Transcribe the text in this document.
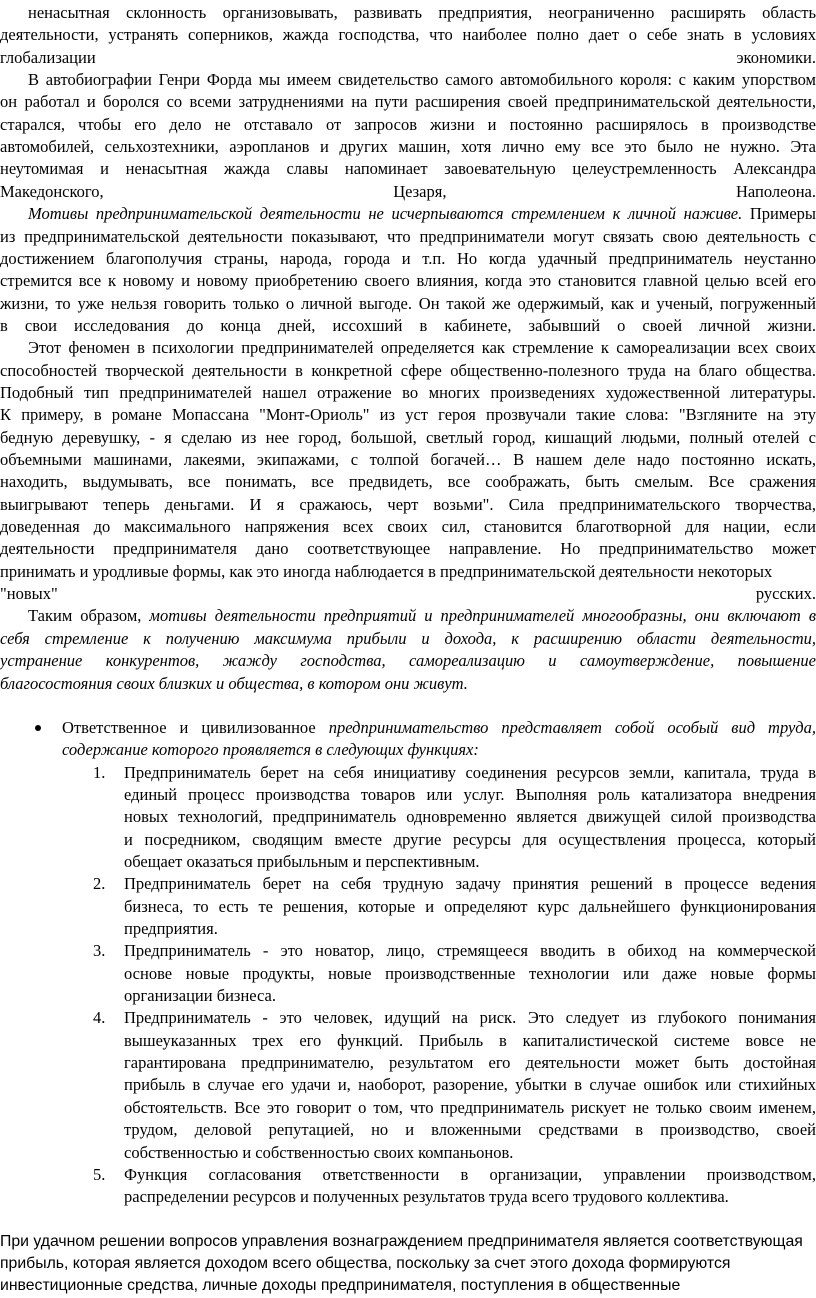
ненасытная склонность организовывать, развивать предприятия, неограниченно расширять область
деятельности, устранять соперников, жажда господства, что наиболее полно дает о себе знать в условиях
глобализации экономики.
В автобиографии Генри Форда мы имеем свидетельство самого автомобильного короля: с каким упорством
он работал и боролся со всеми затруднениями на пути расширения своей предпринимательской деятельности,
старался, чтобы его дело не отставало от запросов жизни и постоянно расширялось в производстве
автомобилей, сельхозтехники, аэропланов и других машин, хотя лично ему все это было не нужно. Эта
неутомимая и ненасытная жажда славы напоминает завоевательную целеустремленность Александра
Македонского, Цезаря, Наполеона.
Мотивы предпринимательской деятельности не исчерпываются стремлением к личной наживе. Примеры
из предпринимательской деятельности показывают, что предприниматели могут связать свою деятельность с
достижением благополучия страны, народа, города и т.п. Но когда удачный предприниматель неустанно
стремится все к новому и новому приобретению своего влияния, когда это становится главной целью всей его
жизни, то уже нельзя говорить только о личной выгоде. Он такой же одержимый, как и ученый, погруженный
в свои исследования до конца дней, иссохший в кабинете, забывший о своей личной жизни.
Этот феномен в психологии предпринимателей определяется как стремление к самореализации всех своих
способностей творческой деятельности в конкретной сфере общественно-полезного труда на благо общества.
Подобный тип предпринимателей нашел отражение во многих произведениях художественной литературы.
К примеру, в романе Мопассана "Монт-Ориоль" из уст героя прозвучали такие слова: "Взгляните на эту
бедную деревушку, - я сделаю из нее город, большой, светлый город, кишащий людьми, полный отелей с
объемными машинами, лакеями, экипажами, с толпой богачей… В нашем деле надо постоянно искать,
находить, выдумывать, все понимать, все предвидеть, все соображать, быть смелым. Все сражения
выигрывают теперь деньгами. И я сражаюсь, черт возьми". Сила предпринимательского творчества,
доведенная до максимального напряжения всех своих сил, становится благотворной для нации, если
деятельности предпринимателя дано соответствующее направление. Но предпринимательство может
принимать и уродливые формы, как это иногда наблюдается в предпринимательской деятельности некоторых
"новых" русских.
Таким образом, мотивы деятельности предприятий и предпринимателей многообразны, они включают в
себя стремление к получению максимума прибыли и дохода, к расширению области деятельности,
устранение конкурентов, жажду господства, самореализацию и самоутверждение, повышение
благосостояния своих близких и общества, в котором они живут.
Ответственное и цивилизованное предпринимательство представляет собой особый вид труда,
содержание которого проявляется в следующих функциях:
1.	Предприниматель берет на себя инициативу соединения ресурсов земли, капитала, труда в
единый процесс производства товаров или услуг. Выполняя роль катализатора внедрения
новых технологий, предприниматель одновременно является движущей силой производства
и посредником, сводящим вместе другие ресурсы для осуществления процесса, который
обещает оказаться прибыльным и перспективным.
2.	Предприниматель берет на себя трудную задачу принятия решений в процессе ведения
бизнеса, то есть те решения, которые и определяют курс дальнейшего функционирования
предприятия.
3.	Предприниматель - это новатор, лицо, стремящееся вводить в обиход на коммерческой
основе новые продукты, новые производственные технологии или даже новые формы
организации бизнеса.
4.	Предприниматель - это человек, идущий на риск. Это следует из глубокого понимания
вышеуказанных трех его функций. Прибыль в капиталистической системе вовсе не
гарантирована предпринимателю, результатом его деятельности может быть достойная
прибыль в случае его удачи и, наоборот, разорение, убытки в случае ошибок или стихийных
обстоятельств. Все это говорит о том, что предприниматель рискует не только своим именем,
трудом, деловой репутацией, но и вложенными средствами в производство, своей
собственностью и собственностью своих компаньонов.
5.	Функция согласования ответственности в организации, управлении производством,
распределении ресурсов и полученных результатов труда всего трудового коллектива.
При удачном решении вопросов управления вознаграждением предпринимателя является соответствующая
прибыль, которая является доходом всего общества, поскольку за счет этого дохода формируются
инвестиционные средства, личные доходы предпринимателя, поступления в общественные
